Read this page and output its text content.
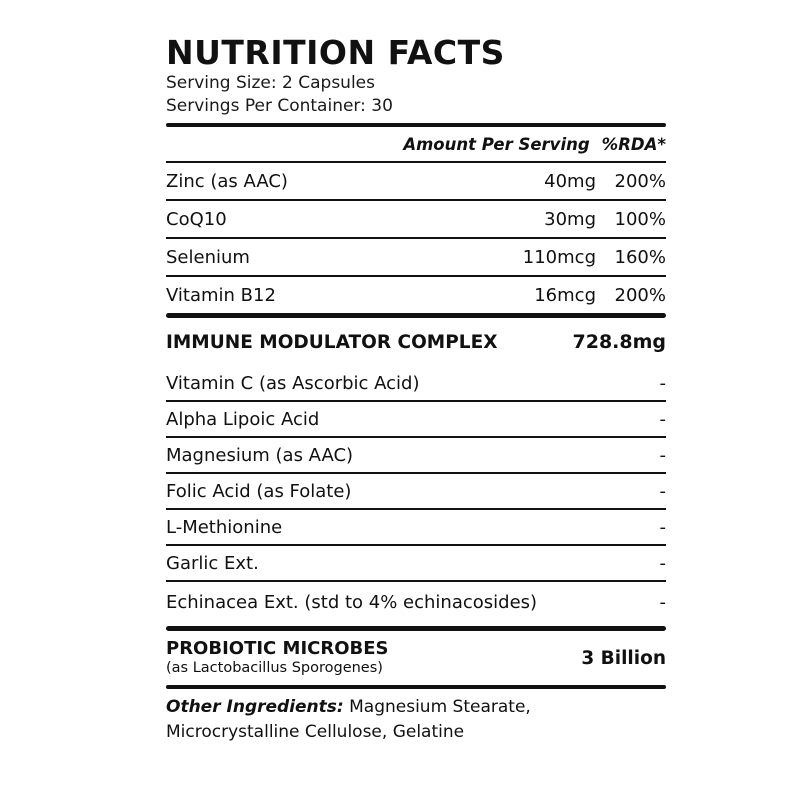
NUTRITION FACTS
Serving Size: 2 Capsules
Servings Per Container: 30
Amount Per Serving %RDA*
Zinc (as AAC)	40mg	200%
CoQ10	30mg	100%
Selenium	110mcg	160%
Vitamin B12	16mcg	200%
IMMUNE MODULATOR COMPLEX	728.8mg
Vitamin C (as Ascorbic Acid)	-
Alpha Lipoic Acid	-
Magnesium (as AAC)	-
Folic Acid (as Folate)	-
L-Methionine	-
Garlic Ext.	-
Echinacea Ext. (std to 4% echinacosides)	-
PROBIOTIC MICROBES
(as Lactobacillus Sporogenes)	3 Billion
Other Ingredients: Magnesium Stearate, Microcrystalline Cellulose, Gelatine
